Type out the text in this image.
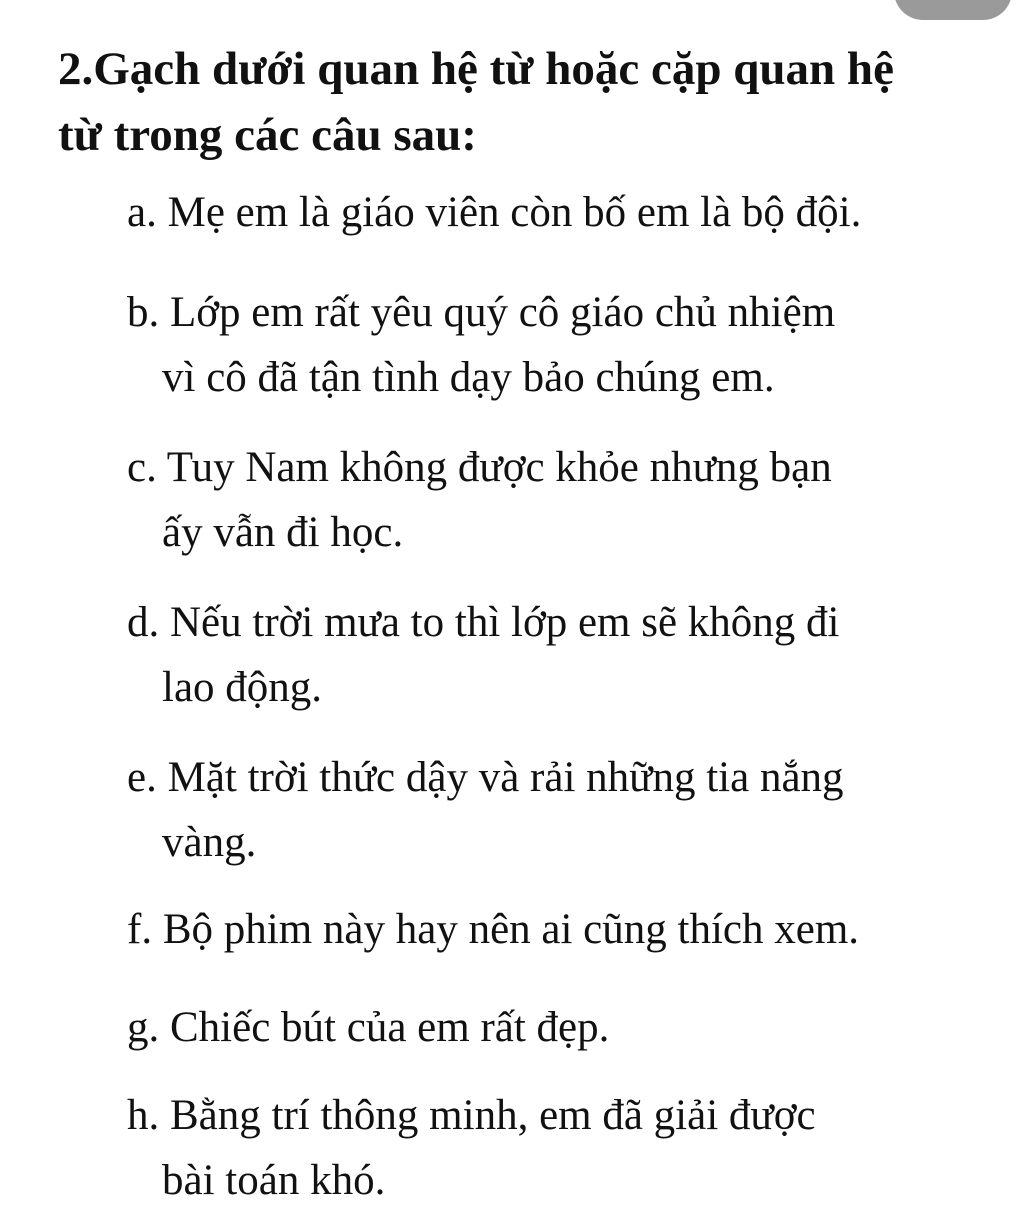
2.Gạch dưới quan hệ từ hoặc cặp quan hệ
từ trong các câu sau:

a. Mẹ em là giáo viên còn bố em là bộ đội.

b. Lớp em rất yêu quý cô giáo chủ nhiệm
vì cô đã tận tình dạy bảo chúng em.

c. Tuy Nam không được khỏe nhưng bạn
ấy vẫn đi học.

d. Nếu trời mưa to thì lớp em sẽ không đi
lao động.

e. Mặt trời thức dậy và rải những tia nắng
vàng.

f. Bộ phim này hay nên ai cũng thích xem.

g. Chiếc bút của em rất đẹp.

h. Bằng trí thông minh, em đã giải được
bài toán khó.
